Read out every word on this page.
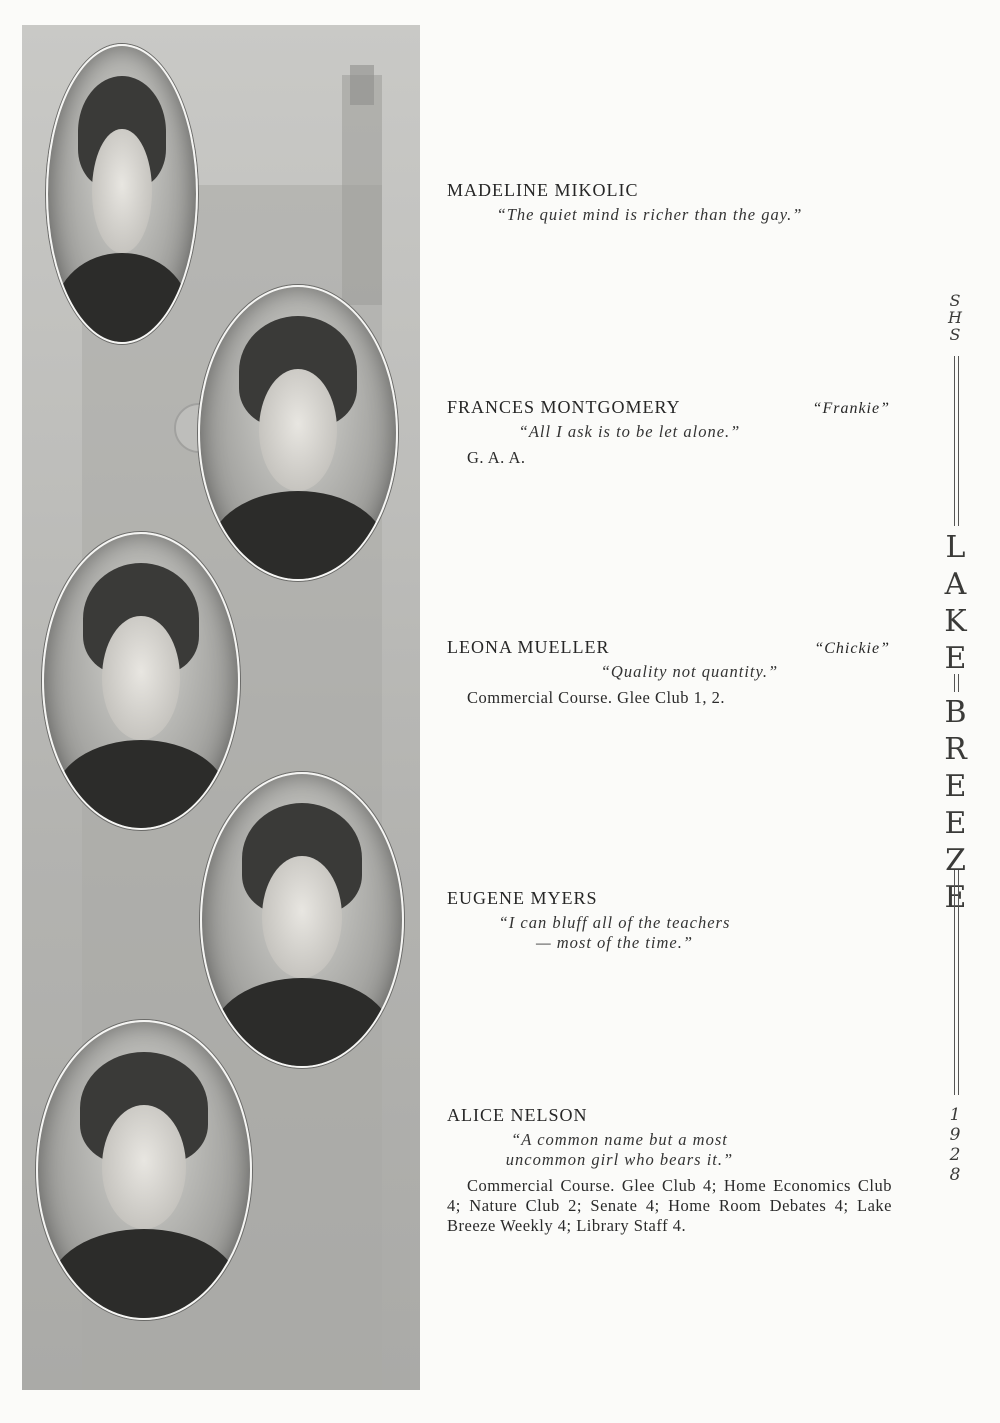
MADELINE MIKOLIC
“The quiet mind is richer than the gay.”
FRANCES MONTGOMERY	“Frankie”
“All I ask is to be let alone.”
G. A. A.
LEONA MUELLER	“Chickie”
“Quality not quantity.”
Commercial Course. Glee Club 1, 2.
EUGENE MYERS
“I can bluff all of the teachers
— most of the time.”
ALICE NELSON
“A common name but a most
uncommon girl who bears it.”
Commercial Course. Glee Club 4; Home Economics Club 4; Nature Club 2; Senate 4; Home Room Debates 4; Lake Breeze Weekly 4; Library Staff 4.
SHS
LAKE
BREEZE
1928
